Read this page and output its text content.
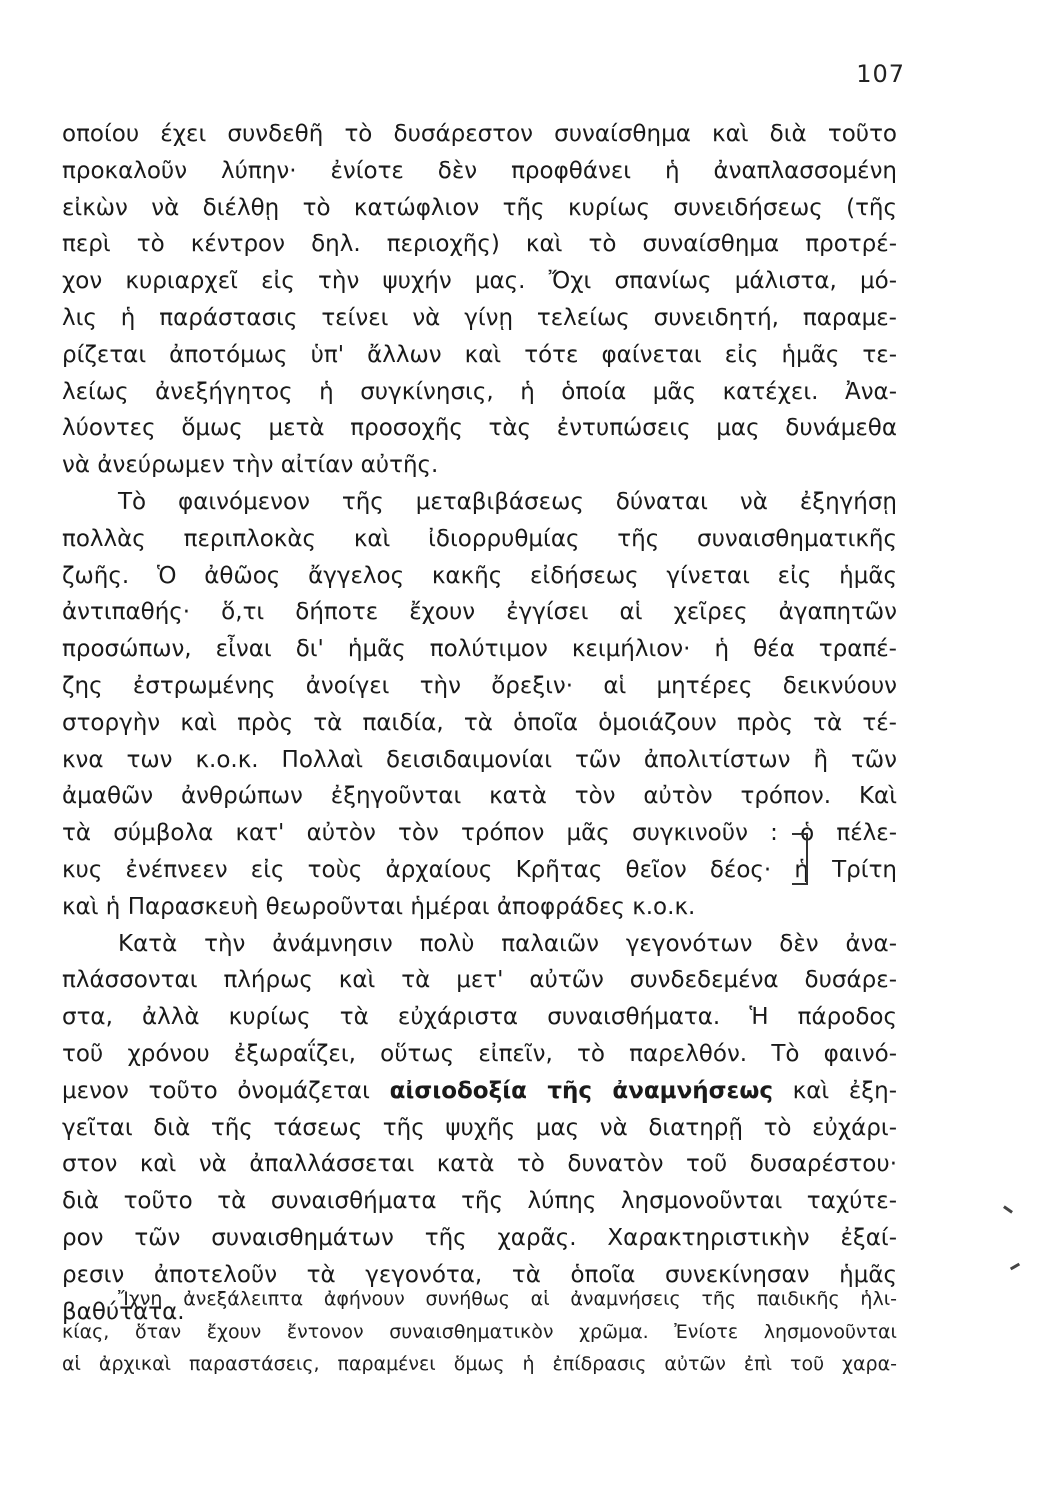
107
οποίου έχει συνδεθῆ τὸ δυσάρεστον συναίσθημα καὶ διὰ τοῦτο
προκαλοῦν λύπην· ἐνίοτε δὲν προφθάνει ἡ ἀναπλασσομένη
εἰκὼν νὰ διέλθῃ τὸ κατώφλιον τῆς κυρίως συνειδήσεως (τῆς
περὶ τὸ κέντρον δηλ. περιοχῆς) καὶ τὸ συναίσθημα προτρέ-
χον κυριαρχεῖ εἰς τὴν ψυχήν μας. Ὄχι σπανίως μάλιστα, μό-
λις ἡ παράστασις τείνει νὰ γίνῃ τελείως συνειδητή, παραμε-
ρίζεται ἀποτόμως ὑπ' ἄλλων καὶ τότε φαίνεται εἰς ἡμᾶς τε-
λείως ἀνεξήγητος ἡ συγκίνησις, ἡ ὁποία μᾶς κατέχει. Ἀνα-
λύοντες ὅμως μετὰ προσοχῆς τὰς ἐντυπώσεις μας δυνάμεθα
νὰ ἀνεύρωμεν τὴν αἰτίαν αὐτῆς.
Τὸ φαινόμενον τῆς μεταβιβάσεως δύναται νὰ ἐξηγήσῃ
πολλὰς περιπλοκὰς καὶ ἰδιορρυθμίας τῆς συναισθηματικῆς
ζωῆς. Ὁ ἀθῶος ἄγγελος κακῆς εἰδήσεως γίνεται εἰς ἡμᾶς
ἀντιπαθής· ὅ,τι δήποτε ἔχουν ἐγγίσει αἱ χεῖρες ἀγαπητῶν
προσώπων, εἶναι δι' ἡμᾶς πολύτιμον κειμήλιον· ἡ θέα τραπέ-
ζης ἐστρωμένης ἀνοίγει τὴν ὄρεξιν· αἱ μητέρες δεικνύουν
στοργὴν καὶ πρὸς τὰ παιδία, τὰ ὁποῖα ὁμοιάζουν πρὸς τὰ τέ-
κνα των κ.ο.κ. Πολλαὶ δεισιδαιμονίαι τῶν ἀπολιτίστων ἢ τῶν
ἀμαθῶν ἀνθρώπων ἐξηγοῦνται κατὰ τὸν αὐτὸν τρόπον. Καὶ
τὰ σύμβολα κατ' αὐτὸν τὸν τρόπον μᾶς συγκινοῦν : ὁ πέλε-
κυς ἐνέπνεεν εἰς τοὺς ἀρχαίους Κρῆτας θεῖον δέος· ἡ Τρίτη
καὶ ἡ Παρασκευὴ θεωροῦνται ἡμέραι ἀποφράδες κ.ο.κ.
Κατὰ τὴν ἀνάμνησιν πολὺ παλαιῶν γεγονότων δὲν ἀνα-
πλάσσονται πλήρως καὶ τὰ μετ' αὐτῶν συνδεδεμένα δυσάρε-
στα, ἀλλὰ κυρίως τὰ εὐχάριστα συναισθήματα. Ἡ πάροδος
τοῦ χρόνου ἐξωραΐζει, οὕτως εἰπεῖν, τὸ παρελθόν. Τὸ φαινό-
μενον τοῦτο ὀνομάζεται αἰσιοδοξία τῆς ἀναμνήσεως καὶ ἐξη-
γεῖται διὰ τῆς τάσεως τῆς ψυχῆς μας νὰ διατηρῇ τὸ εὐχάρι-
στον καὶ νὰ ἀπαλλάσσεται κατὰ τὸ δυνατὸν τοῦ δυσαρέστου·
διὰ τοῦτο τὰ συναισθήματα τῆς λύπης λησμονοῦνται ταχύτε-
ρον τῶν συναισθημάτων τῆς χαρᾶς. Χαρακτηριστικὴν ἐξαί-
ρεσιν ἀποτελοῦν τὰ γεγονότα, τὰ ὁποῖα συνεκίνησαν ἡμᾶς
βαθύτατα.
Ἴχνη ἀνεξάλειπτα ἀφήνουν συνήθως αἱ ἀναμνήσεις τῆς παιδικῆς ἡλι-
κίας, ὅταν ἔχουν ἔντονον συναισθηματικὸν χρῶμα. Ἐνίοτε λησμονοῦνται
αἱ ἀρχικαὶ παραστάσεις, παραμένει ὅμως ἡ ἐπίδρασις αὐτῶν ἐπὶ τοῦ χαρα-
